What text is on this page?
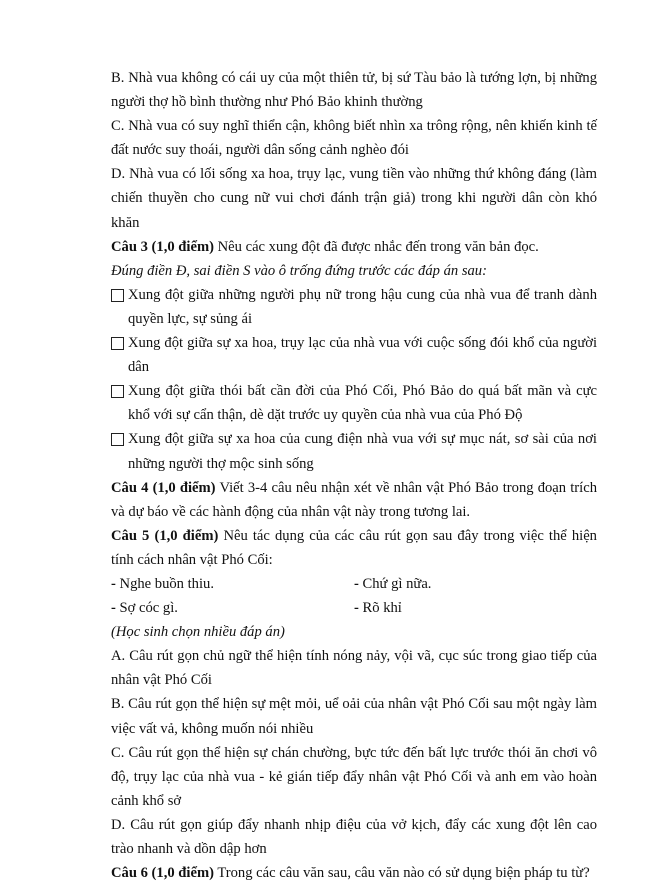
B. Nhà vua không có cái uy của một thiên tử, bị sứ Tàu bảo là tướng lợn, bị những người thợ hồ bình thường như Phó Bảo khinh thường

C. Nhà vua có suy nghĩ thiển cận, không biết nhìn xa trông rộng, nên khiến kinh tế đất nước suy thoái, người dân sống cảnh nghèo đói

D. Nhà vua có lối sống xa hoa, trụy lạc, vung tiền vào những thứ không đáng (làm chiến thuyền cho cung nữ vui chơi đánh trận giả) trong khi người dân còn khó khăn

Câu 3 (1,0 điểm) Nêu các xung đột đã được nhắc đến trong văn bản đọc.

Đúng điền Đ, sai điền S vào ô trống đứng trước các đáp án sau:

Xung đột giữa những người phụ nữ trong hậu cung của nhà vua để tranh dành quyền lực, sự sủng ái
Xung đột giữa sự xa hoa, trụy lạc của nhà vua với cuộc sống đói khổ của người dân
Xung đột giữa thói bất cần đời của Phó Cối, Phó Bảo do quá bất mãn và cực khổ với sự cẩn thận, dè dặt trước uy quyền của nhà vua của Phó Độ
Xung đột giữa sự xa hoa của cung điện nhà vua với sự mục nát, sơ sài của nơi những người thợ mộc sinh sống

Câu 4 (1,0 điểm) Viết 3-4 câu nêu nhận xét về nhân vật Phó Bảo trong đoạn trích và dự báo về các hành động của nhân vật này trong tương lai.

Câu 5 (1,0 điểm) Nêu tác dụng của các câu rút gọn sau đây trong việc thể hiện tính cách nhân vật Phó Cối:

- Nghe buồn thiu.	- Chứ gì nữa.
- Sợ cóc gì.	- Rõ khỉ

(Học sinh chọn nhiều đáp án)

A. Câu rút gọn chủ ngữ thể hiện tính nóng nảy, vội vã, cục súc trong giao tiếp của nhân vật Phó Cối

B. Câu rút gọn thể hiện sự mệt mỏi, uể oải của nhân vật Phó Cối sau một ngày làm việc vất vả, không muốn nói nhiều

C. Câu rút gọn thể hiện sự chán chường, bực tức đến bất lực trước thói ăn chơi vô độ, trụy lạc của nhà vua - kẻ gián tiếp đẩy nhân vật Phó Cối và anh em vào hoàn cảnh khổ sở

D. Câu rút gọn giúp đẩy nhanh nhịp điệu của vở kịch, đẩy các xung đột lên cao trào nhanh và dồn dập hơn

Câu 6 (1,0 điểm) Trong các câu văn sau, câu văn nào có sử dụng biện pháp tu từ?
